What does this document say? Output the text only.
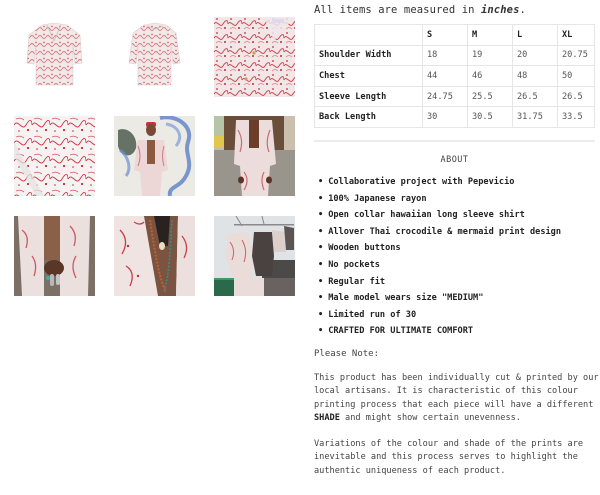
All items are measured in inches.

	S	M	L	XL
Shoulder Width	18	19	20	20.75
Chest	44	46	48	50
Sleeve Length	24.75	25.5	26.5	26.5
Back Length	30	30.5	31.75	33.5
ABOUT
• Collaborative project with Pepevicio
• 100% Japanese rayon
• Open collar hawaiian long sleeve shirt
• Allover Thai crocodile & mermaid print design
• Wooden buttons
• No pockets
• Regular fit
• Male model wears size "MEDIUM"
• Limited run of 30
• CRAFTED FOR ULTIMATE COMFORT

Please Note:

This product has been individually cut & printed by our local artisans. It is characteristic of this colour printing process that each piece will have a different SHADE and might show certain unevenness.

Variations of the colour and shade of the prints are inevitable and this process serves to highlight the authentic uniqueness of each product.
